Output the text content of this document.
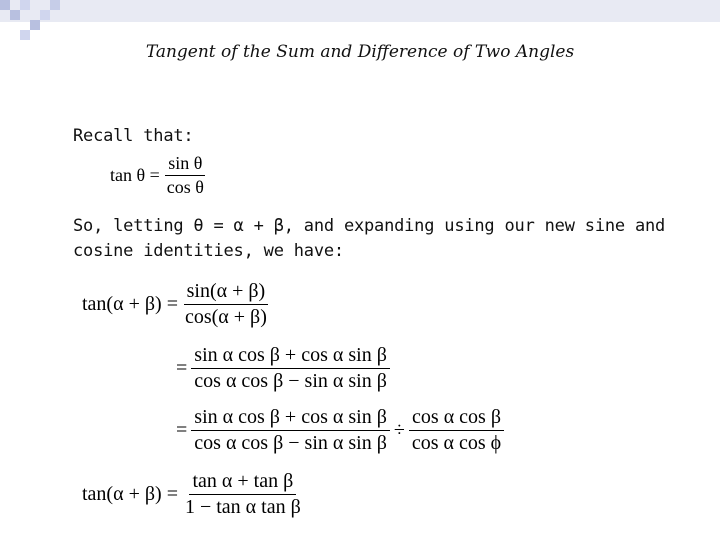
Tangent of the Sum and Difference of Two Angles
Recall that:
$\tan \theta = \frac{\text{sin θ}}{\text{cos θ}}$
So, letting θ = α + β, and expanding using our new sine and
cosine identities, we have:
$\tan(\alpha + \beta) = \frac{\sin(\alpha + \beta)}{\cos(\alpha + \beta)}$
= $\frac{\text{sin α cos β + cos α sin β}}{\text{cos α cos β − sin α sin β}}$
= $\frac{\text{sin α cos β + cos α sin β}}{\text{cos α cos β − sin α sin β}} \div \frac{\text{cos α cos β}}{\text{cos α cos ϕ}}$
$\tan(\alpha + \beta) = \frac{\text{tan α + tan β}}{\text{1 − tan α tan β}}$
